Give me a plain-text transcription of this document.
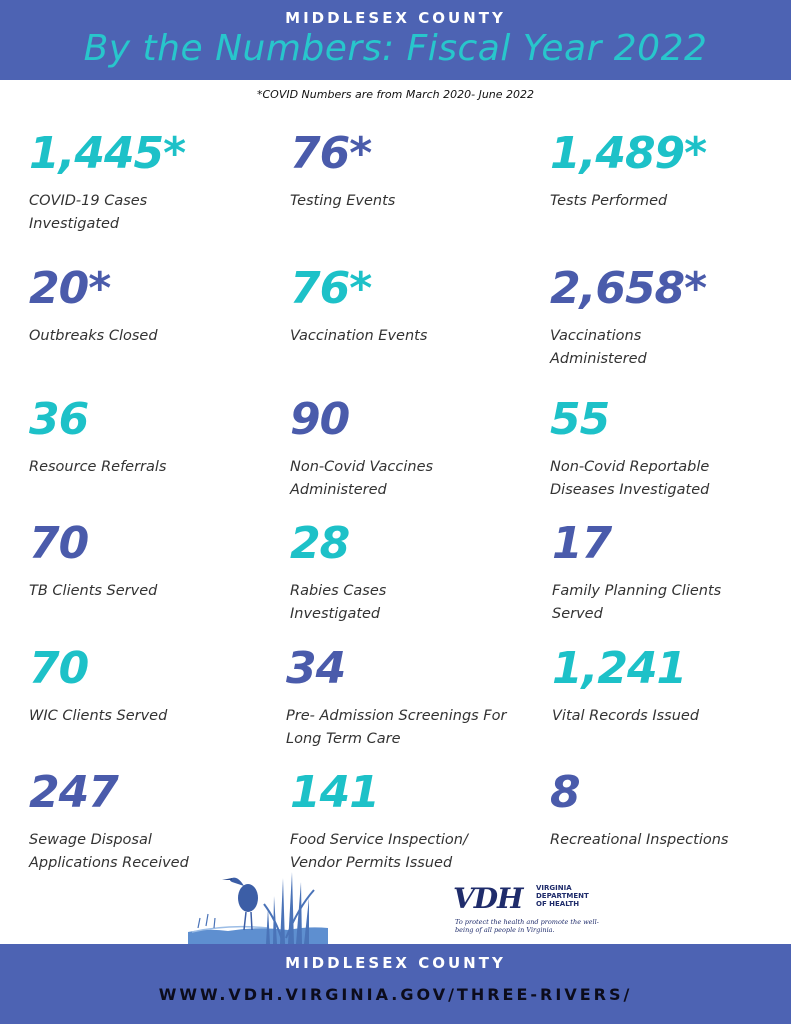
MIDDLESEX COUNTY
By the Numbers: Fiscal Year 2022
*COVID Numbers are from March 2020- June 2022
1,445*
COVID-19 Cases Investigated
76*
Testing Events
1,489*
Tests Performed
20*
Outbreaks Closed
76*
Vaccination Events
2,658*
Vaccinations Administered
36
Resource Referrals
90
Non-Covid Vaccines Administered
55
Non-Covid Reportable Diseases Investigated
70
TB Clients Served
28
Rabies Cases Investigated
17
Family Planning Clients Served
70
WIC Clients Served
34
Pre- Admission Screenings For Long Term Care
1,241
Vital Records Issued
247
Sewage Disposal Applications Received
141
Food Service Inspection/ Vendor Permits Issued
8
Recreational Inspections
VDH VIRGINIA
DEPARTMENT
OF HEALTH
To protect the health and promote the well-being of all people in Virginia.
MIDDLESEX COUNTY
WWW.VDH.VIRGINIA.GOV/THREE-RIVERS/
